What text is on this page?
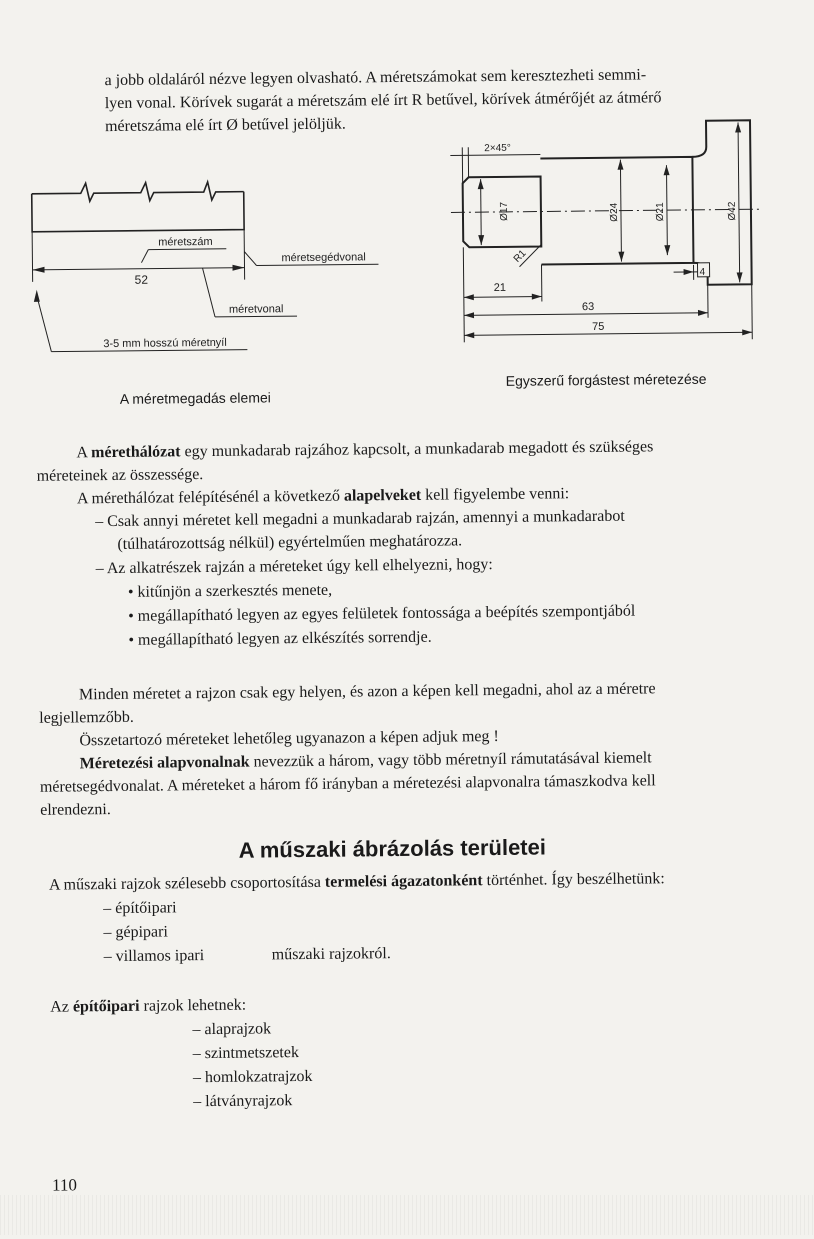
a jobb oldaláról nézve legyen olvasható. A méretszámokat sem keresztezheti semmi-
lyen vonal. Körívek sugarát a méretszám elé írt R betűvel, körívek átmérőjét az átmérő
méretszáma elé írt Ø betűvel jelöljük.
méretszám
52
méretsegédvonal
méretvonal
3-5 mm hosszú méretnyíl
2×45°
Ø17	Ø24	Ø21	Ø42
R1
4
21
63
75
A méretmegadás elemei
Egyszerű forgástest méretezése
A mérethálózat egy munkadarab rajzához kapcsolt, a munkadarab megadott és szükséges
méreteinek az összessége.
A mérethálózat felépítésénél a következő alapelveket kell figyelembe venni:
– Csak annyi méretet kell megadni a munkadarab rajzán, amennyi a munkadarabot
(túlhatározottság nélkül) egyértelműen meghatározza.
– Az alkatrészek rajzán a méreteket úgy kell elhelyezni, hogy:
• kitűnjön a szerkesztés menete,
• megállapítható legyen az egyes felületek fontossága a beépítés szempontjából
• megállapítható legyen az elkészítés sorrendje.
Minden méretet a rajzon csak egy helyen, és azon a képen kell megadni, ahol az a méretre
legjellemzőbb.
Összetartozó méreteket lehetőleg ugyanazon a képen adjuk meg !
Méretezési alapvonalnak nevezzük a három, vagy több méretnyíl rámutatásával kiemelt
méretsegédvonalat. A méreteket a három fő irányban a méretezési alapvonalra támaszkodva kell
elrendezni.
A műszaki ábrázolás területei
A műszaki rajzok szélesebb csoportosítása termelési ágazatonként történhet. Így beszélhetünk:
– építőipari
– gépipari
– villamos ipari	műszaki rajzokról.
Az építőipari rajzok lehetnek:
– alaprajzok
– szintmetszetek
– homlokzatrajzok
– látványrajzok
110
